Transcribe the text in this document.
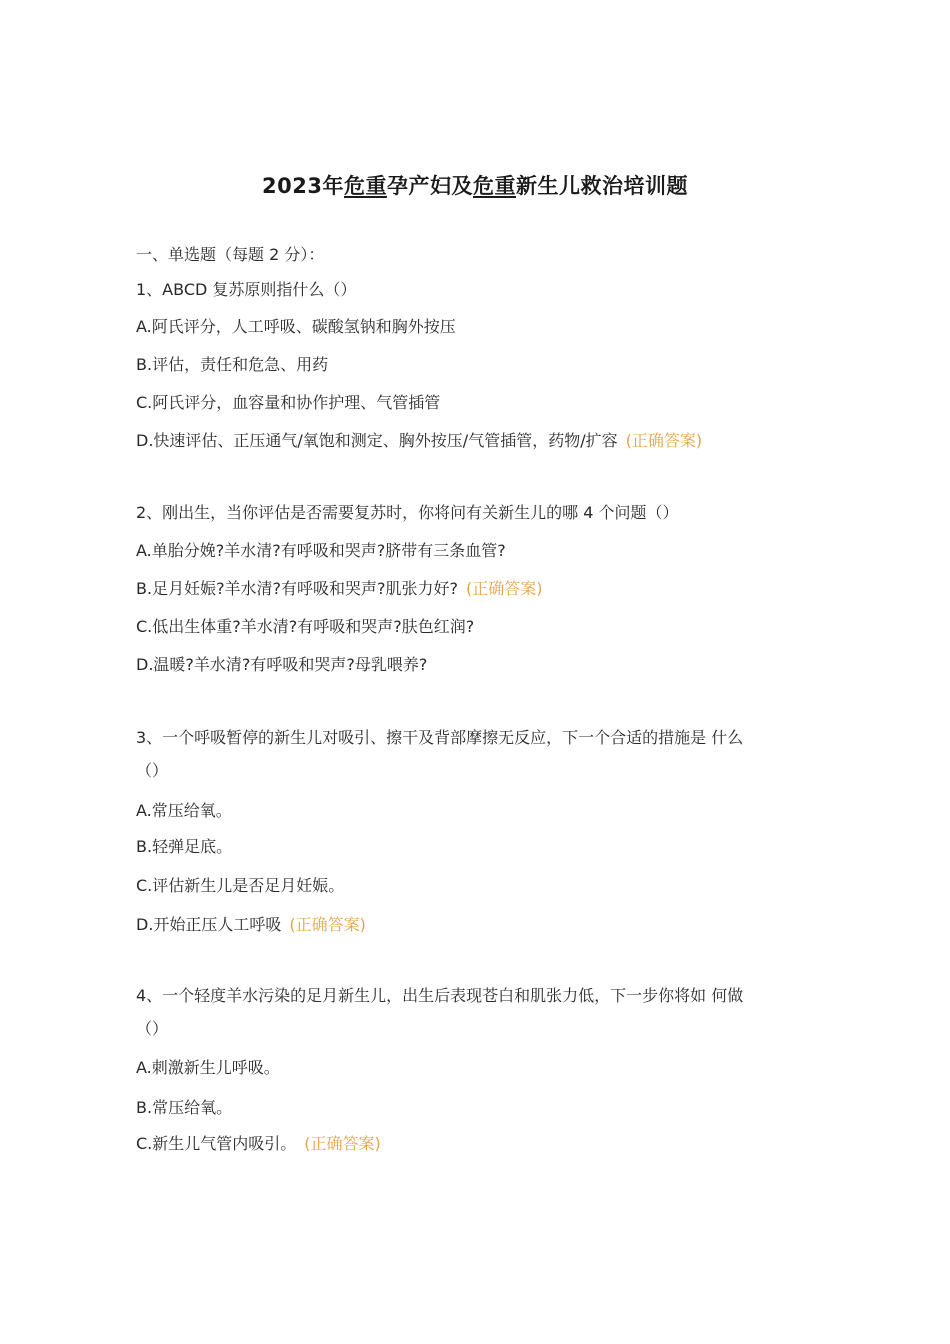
2023年危重孕产妇及危重新生儿救治培训题
一、单选题（每题 2 分）：
1、ABCD 复苏原则指什么（）
A.阿氏评分，人工呼吸、碳酸氢钠和胸外按压
B.评估，责任和危急、用药
C.阿氏评分，血容量和协作护理、气管插管
D.快速评估、正压通气/氧饱和测定、胸外按压/气管插管，药物/扩容 (正确答案)
2、刚出生，当你评估是否需要复苏时，你将问有关新生儿的哪 4 个问题（）
A.单胎分娩?羊水清?有呼吸和哭声?脐带有三条血管?
B.足月妊娠?羊水清?有呼吸和哭声?肌张力好? (正确答案)
C.低出生体重?羊水清?有呼吸和哭声?肤色红润?
D.温暖?羊水清?有呼吸和哭声?母乳喂养?
3、一个呼吸暂停的新生儿对吸引、擦干及背部摩擦无反应，下一个合适的措施是 什么
（）
A.常压给氧。
B.轻弹足底。
C.评估新生儿是否足月妊娠。
D.开始正压人工呼吸 (正确答案)
4、一个轻度羊水污染的足月新生儿，出生后表现苍白和肌张力低，下一步你将如 何做
（）
A.刺激新生儿呼吸。
B.常压给氧。
C.新生儿气管内吸引。 (正确答案)
